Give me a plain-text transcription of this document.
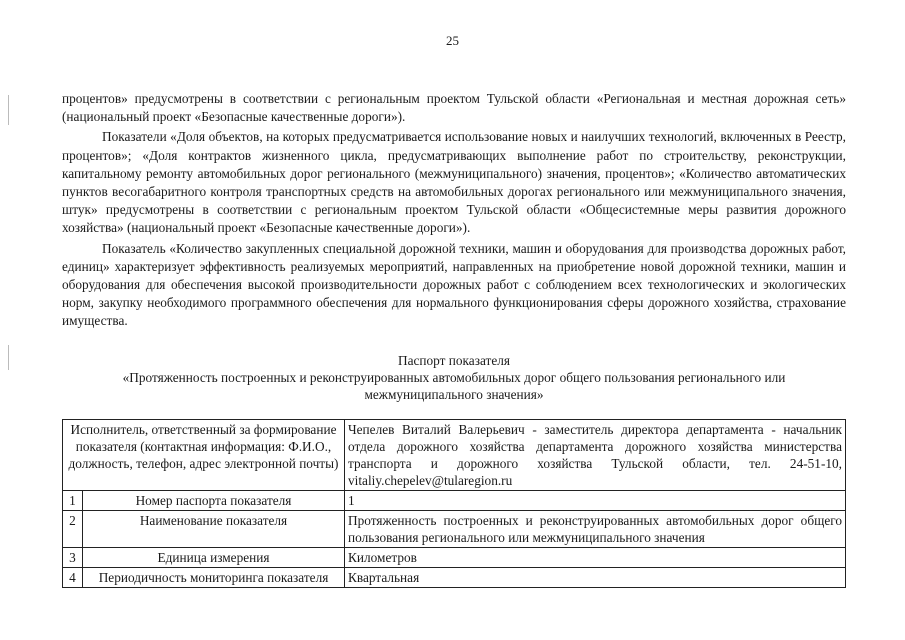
25

процентов» предусмотрены в соответствии с региональным проектом Тульской области «Региональная и местная дорожная сеть» (национальный проект «Безопасные качественные дороги»).

Показатели «Доля объектов, на которых предусматривается использование новых и наилучших технологий, включенных в Реестр, процентов»; «Доля контрактов жизненного цикла, предусматривающих выполнение работ по строительству, реконструкции, капитальному ремонту автомобильных дорог регионального (межмуниципального) значения, процентов»; «Количество автоматических пунктов весогабаритного контроля транспортных средств на автомобильных дорогах регионального или межмуниципального значения, штук» предусмотрены в соответствии с региональным проектом Тульской области «Общесистемные меры развития дорожного хозяйства» (национальный проект «Безопасные качественные дороги»).

Показатель «Количество закупленных специальной дорожной техники, машин и оборудования для производства дорожных работ, единиц» характеризует эффективность реализуемых мероприятий, направленных на приобретение новой дорожной техники, машин и оборудования для обеспечения высокой производительности дорожных работ с соблюдением всех технологических и экологических норм, закупку необходимого программного обеспечения для нормального функционирования сферы дорожного хозяйства, страхование имущества.

Паспорт показателя
«Протяженность построенных и реконструированных автомобильных дорог общего пользования регионального или межмуниципального значения»
Исполнитель, ответственный за формирование показателя (контактная информация: Ф.И.О., должность, телефон, адрес электронной почты)		Чепелев Виталий Валерьевич - заместитель директора департамента - начальник отдела дорожного хозяйства департамента дорожного хозяйства министерства транспорта и дорожного хозяйства Тульской области, тел. 24-51-10, vitaliy.chepelev@tularegion.ru
1	Номер паспорта показателя	1
2	Наименование показателя	Протяженность построенных и реконструированных автомобильных дорог общего пользования регионального или межмуниципального значения
3	Единица измерения	Километров
4	Периодичность мониторинга показателя	Квартальная
